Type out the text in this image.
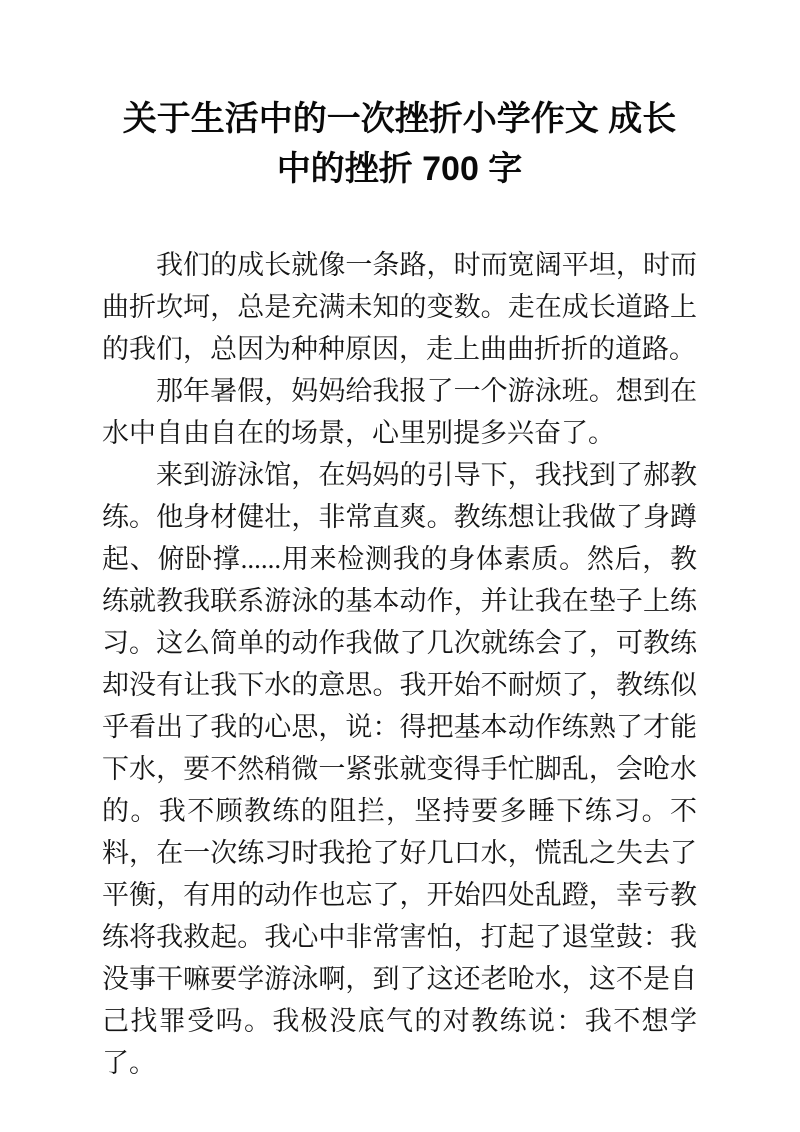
关于生活中的一次挫折小学作文 成长中的挫折 700 字

我们的成长就像一条路，时而宽阔平坦，时而曲折坎坷，总是充满未知的变数。走在成长道路上的我们，总因为种种原因，走上曲曲折折的道路。

那年暑假，妈妈给我报了一个游泳班。想到在水中自由自在的场景，心里别提多兴奋了。

来到游泳馆，在妈妈的引导下，我找到了郝教练。他身材健壮，非常直爽。教练想让我做了身蹲起、俯卧撑......用来检测我的身体素质。然后，教练就教我联系游泳的基本动作，并让我在垫子上练习。这么简单的动作我做了几次就练会了，可教练却没有让我下水的意思。我开始不耐烦了，教练似乎看出了我的心思，说：得把基本动作练熟了才能下水，要不然稍微一紧张就变得手忙脚乱，会呛水的。我不顾教练的阻拦，坚持要多睡下练习。不料，在一次练习时我抢了好几口水，慌乱之失去了平衡，有用的动作也忘了，开始四处乱蹬，幸亏教练将我救起。我心中非常害怕，打起了退堂鼓：我没事干嘛要学游泳啊，到了这还老呛水，这不是自己找罪受吗。我极没底气的对教练说：我不想学了。
